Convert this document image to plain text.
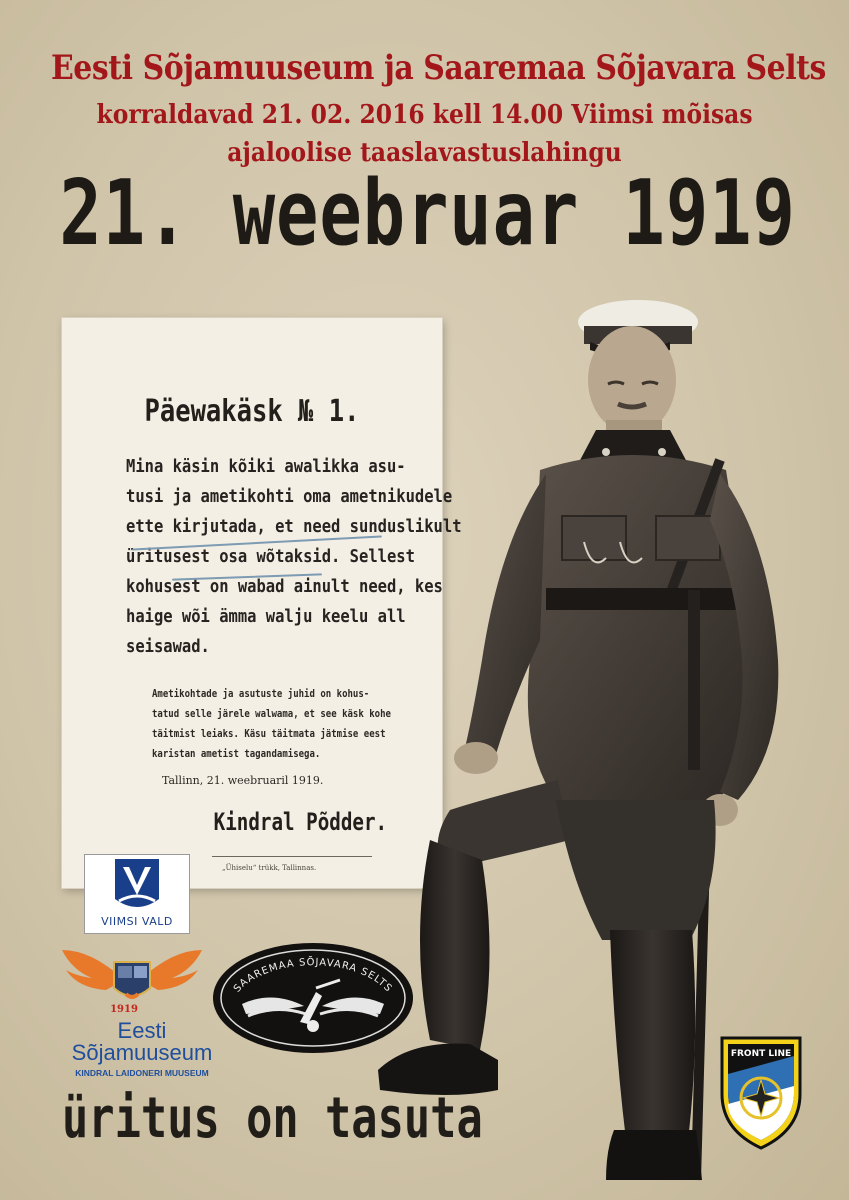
Eesti Sõjamuuseum ja Saaremaa Sõjavara Selts
korraldavad 21. 02. 2016 kell 14.00 Viimsi mõisas
ajaloolise taaslavastuslahingu
21. weebruar 1919
Päewakäsk № 1.
Mina käsin kõiki awalikka asu-
tusi ja ametikohti oma ametnikudele
ette kirjutada, et need sunduslikult
üritusest osa wõtaksid. Sellest
kohusest on wabad ainult need, kes
haige wõi ämma walju keelu all
seisawad.
Ametikohtade ja asutuste juhid on kohus-
tatud selle järele walwama, et see käsk kohe
täitmist leiaks. Käsu täitmata jätmise eest
karistan ametist tagandamisega.
Tallinn, 21. weebruaril 1919.
Kindral Põdder.
„Ühiselu“ trükk, Tallinnas.
VIIMSI VALD
1919
Eesti
Sõjamuuseum
KINDRAL LAIDONERI MUUSEUM
SAAREMAA SÕJAVARA SELTS
FRONT LINE
üritus on tasuta
